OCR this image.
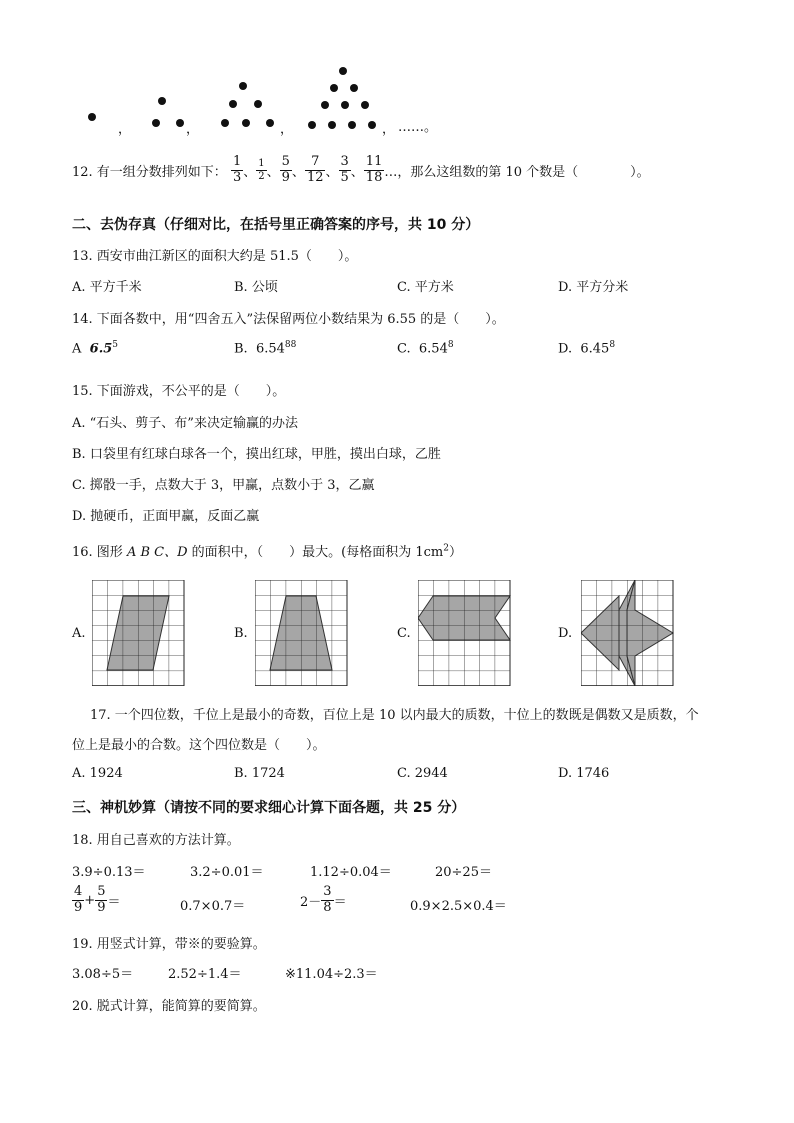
，	，	，	， ……。
12. 有一组分数排列如下： $\frac{1}{3}$ 、 $\frac{1}{2}$ 、 $\frac{5}{9}$ 、 $\frac{7}{12}$ 、 $\frac{3}{5}$ 、 $\frac{11}{18}$ …，那么这组数的第 10 个数是（　　　　）。
二、去伪存真（仔细对比，在括号里正确答案的序号，共 10 分）
13. 西安市曲江新区的面积大约是 51.5（　　）。
A. 平方千米	B. 公顷	C. 平方米	D. 平方分米
14. 下面各数中，用“四舍五入”法保留两位小数结果为 6.55 的是（　　）。
A $6.5^5$	B. 6.54$^{88}$	C. 6.54$^8$	D. 6.45$^8$
15. 下面游戏，不公平的是（　　）。
A. “石头、剪子、布”来决定输赢的办法
B. 口袋里有红球白球各一个，摸出红球，甲胜，摸出白球，乙胜
C. 掷骰一手，点数大于 3，甲赢，点数小于 3，乙赢
D. 抛硬币，正面甲赢，反面乙赢
16. 图形 A B C、D 的面积中，（　　）最大。(每格面积为 $1cm^2$）
A.	B.	C.	D.
17. 一个四位数，千位上是最小的奇数，百位上是 10 以内最大的质数，十位上的数既是偶数又是质数，个
位上是最小的合数。这个四位数是（　　）。
A. 1924	B. 1724	C. 2944	D. 1746
三、神机妙算（请按不同的要求细心计算下面各题，共 25 分）
18. 用自己喜欢的方法计算。
3.9÷0.13＝	3.2÷0.01＝	1.12÷0.04＝	20÷25＝
$\frac{4}{9} + \frac{5}{9}$ ＝	0.7×0.7＝	$2- \frac{3}{8}$ ＝	0.9×2.5×0.4＝
19. 用竖式计算，带※的要验算。
3.08÷5＝	2.52÷1.4＝	※11.04÷2.3＝
20. 脱式计算，能简算的要简算。
